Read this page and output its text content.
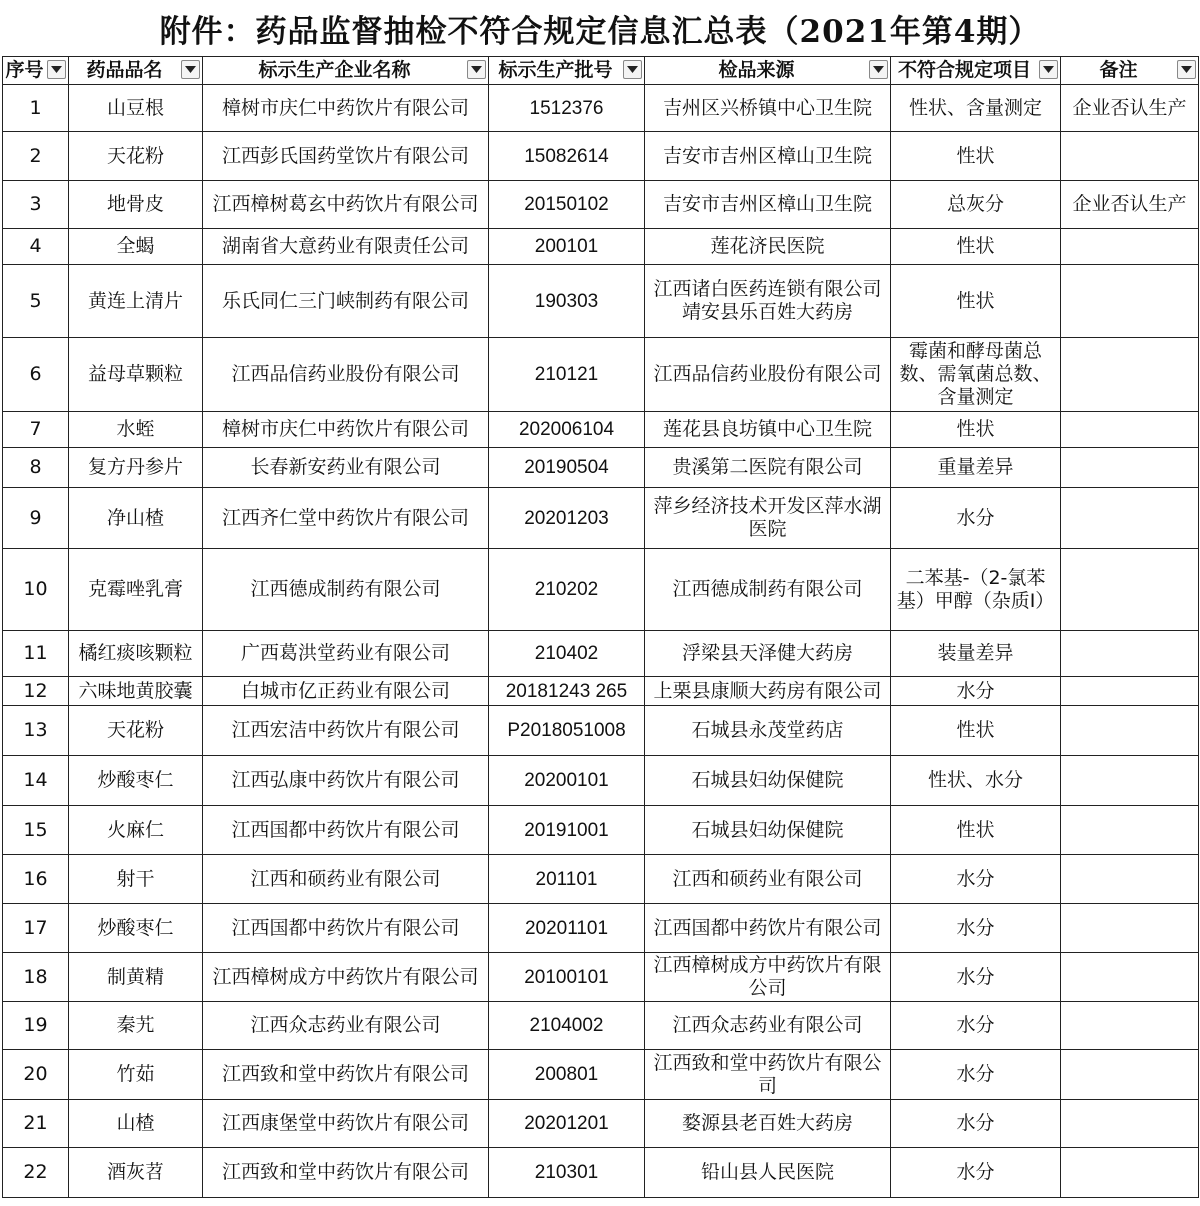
附件：药品监督抽检不符合规定信息汇总表（2021年第4期）
序号	药品品名	标示生产企业名称	标示生产批号	检品来源	不符合规定项目	备注

1	山豆根	樟树市庆仁中药饮片有限公司	1512376	吉州区兴桥镇中心卫生院	性状、含量测定	企业否认生产
2	天花粉	江西彭氏国药堂饮片有限公司	15082614	吉安市吉州区樟山卫生院	性状	
3	地骨皮	江西樟树葛玄中药饮片有限公司	20150102	吉安市吉州区樟山卫生院	总灰分	企业否认生产
4	全蝎	湖南省大意药业有限责任公司	200101	莲花济民医院	性状	
5	黄连上清片	乐氏同仁三门峡制药有限公司	190303	江西诸白医药连锁有限公司靖安县乐百姓大药房	性状	
6	益母草颗粒	江西品信药业股份有限公司	210121	江西品信药业股份有限公司	霉菌和酵母菌总数、需氧菌总数、含量测定	
7	水蛭	樟树市庆仁中药饮片有限公司	202006104	莲花县良坊镇中心卫生院	性状	
8	复方丹参片	长春新安药业有限公司	20190504	贵溪第二医院有限公司	重量差异	
9	净山楂	江西齐仁堂中药饮片有限公司	20201203	萍乡经济技术开发区萍水湖医院	水分	
10	克霉唑乳膏	江西德成制药有限公司	210202	江西德成制药有限公司	二苯基-（2-氯苯基）甲醇（杂质Ⅰ）	
11	橘红痰咳颗粒	广西葛洪堂药业有限公司	210402	浮梁县天泽健大药房	装量差异	
12	六味地黄胶囊	白城市亿正药业有限公司	20181243 265	上栗县康顺大药房有限公司	水分	
13	天花粉	江西宏洁中药饮片有限公司	P2018051008	石城县永茂堂药店	性状	
14	炒酸枣仁	江西弘康中药饮片有限公司	20200101	石城县妇幼保健院	性状、水分	
15	火麻仁	江西国都中药饮片有限公司	20191001	石城县妇幼保健院	性状	
16	射干	江西和硕药业有限公司	201101	江西和硕药业有限公司	水分	
17	炒酸枣仁	江西国都中药饮片有限公司	20201101	江西国都中药饮片有限公司	水分	
18	制黄精	江西樟树成方中药饮片有限公司	20100101	江西樟树成方中药饮片有限公司	水分	
19	秦艽	江西众志药业有限公司	2104002	江西众志药业有限公司	水分	
20	竹茹	江西致和堂中药饮片有限公司	200801	江西致和堂中药饮片有限公司	水分	
21	山楂	江西康堡堂中药饮片有限公司	20201201	婺源县老百姓大药房	水分	
22	酒灰苕	江西致和堂中药饮片有限公司	210301	铅山县人民医院	水分	
